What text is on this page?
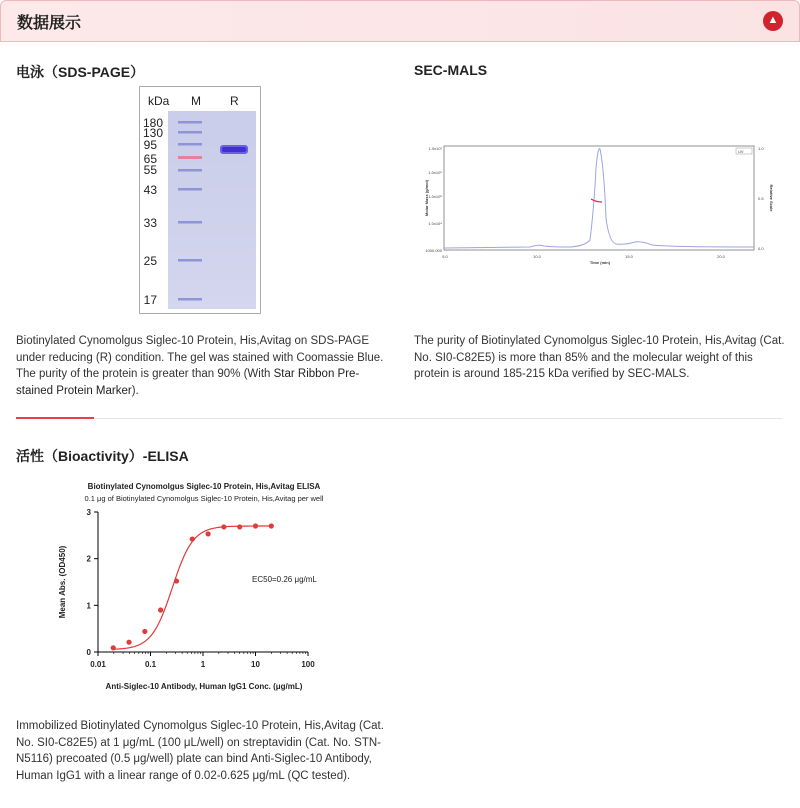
数据展示	▲
电泳（SDS-PAGE）
kDa M R
180
130
95
65
55
43
33
25
17
Biotinylated Cynomolgus Siglec-10 Protein, His,Avitag on SDS-PAGE under reducing (R) condition. The gel was stained with Coomassie Blue. The purity of the protein is greater than 90% (With Star Ribbon Pre-stained Protein Marker).
SEC-MALS
UV
1.0x10⁷
1.0x10⁶
1.0x10⁵
1.0x10⁴
1000.000
1.0
0.5
0.0
5.0	10.0	15.0	20.0
Time (min)
Molar Mass (g/mol)	Relative Scale
The purity of Biotinylated Cynomolgus Siglec-10 Protein, His,Avitag (Cat. No. SI0-C82E5) is more than 85% and the molecular weight of this protein is around 185-215 kDa verified by SEC-MALS.
活性（Bioactivity）-ELISA
Biotinylated Cynomolgus Siglec-10 Protein, His,Avitag ELISA
0.1 μg of Biotinylated Cynomolgus Siglec-10 Protein, His,Avitag per well
EC50=0.26 μg/mL
Anti-Siglec-10 Antibody, Human IgG1 Conc. (μg/mL)
Mean Abs. (OD450)
0
1
2
3
0.01	0.1	1	10	100
Immobilized Biotinylated Cynomolgus Siglec-10 Protein, His,Avitag (Cat. No. SI0-C82E5) at 1 μg/mL (100 μL/well) on streptavidin (Cat. No. STN-N5116) precoated (0.5 μg/well) plate can bind Anti-Siglec-10 Antibody, Human IgG1 with a linear range of 0.02-0.625 μg/mL (QC tested).
